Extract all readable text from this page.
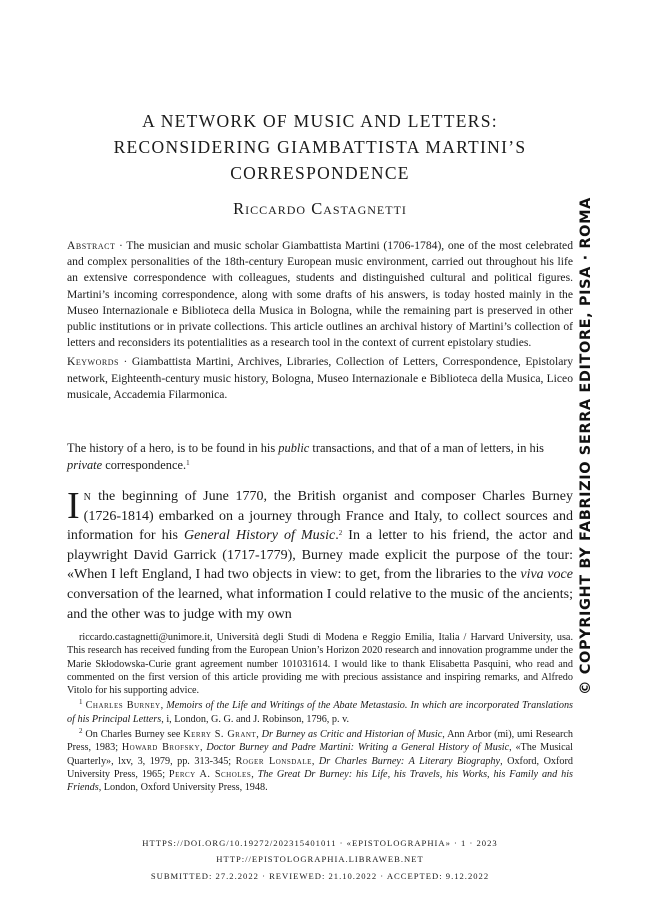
A NETWORK OF MUSIC AND LETTERS:
RECONSIDERING GIAMBATTISTA MARTINI’S
CORRESPONDENCE
Riccardo Castagnetti

Abstract · The musician and music scholar Giambattista Martini (1706-1784), one of the most celebrated and complex personalities of the 18th-century European music environment, carried out throughout his life an extensive correspondence with colleagues, students and distinguished cultural and political figures. Martini’s incoming correspondence, along with some drafts of his answers, is today hosted mainly in the Museo Internazionale e Biblioteca della Musica in Bologna, while the remaining part is preserved in other public institutions or in private collections. This article outlines an archival history of Martini’s collection of letters and reconsiders its potentialities as a research tool in the context of current epistolary studies.

Keywords · Giambattista Martini, Archives, Libraries, Collection of Letters, Correspondence, Epistolary network, Eighteenth-century music history, Bologna, Museo Internazionale e Biblioteca della Musica, Liceo musicale, Accademia Filarmonica.

The history of a hero, is to be found in his public transactions, and that of a man of letters, in his private correspondence.$^1$

In the beginning of June 1770, the British organist and composer Charles Burney (1726-1814) embarked on a journey through France and Italy, to collect sources and information for his General History of Music.$^2$ In a letter to his friend, the actor and playwright David Garrick (1717-1779), Burney made explicit the purpose of the tour: «When I left England, I had two objects in view: to get, from the libraries to the viva voce conversation of the learned, what information I could relative to the music of the ancients; and the other was to judge with my own

riccardo.castagnetti@unimore.it, Università degli Studi di Modena e Reggio Emilia, Italia / Harvard University, usa. This research has received funding from the European Union’s Horizon 2020 research and innovation programme under the Marie Skłodowska-Curie grant agreement number 101031614. I would like to thank Elisabetta Pasquini, who read and commented on the first version of this article providing me with precious assistance and inspiring remarks, and Alfredo Vitolo for his supporting advice.

$^1$ Charles Burney, Memoirs of the Life and Writings of the Abate Metastasio. In which are incorporated Translations of his Principal Letters, i, London, G. G. and J. Robinson, 1796, p. v.

$^2$ On Charles Burney see Kerry S. Grant, Dr Burney as Critic and Historian of Music, Ann Arbor (mi), umi Research Press, 1983; Howard Brofsky, Doctor Burney and Padre Martini: Writing a General History of Music, «The Musical Quarterly», lxv, 3, 1979, pp. 313-345; Roger Lonsdale, Dr Charles Burney: A Literary Biography, Oxford, Oxford University Press, 1965; Percy A. Scholes, The Great Dr Burney: his Life, his Travels, his Works, his Family and his Friends, London, Oxford University Press, 1948.

HTTPS://DOI.ORG/10.19272/202315401011 · «EPISTOLOGRAPHIA» · 1 · 2023
HTTP://EPISTOLOGRAPHIA.LIBRAWEB.NET
SUBMITTED: 27.2.2022 · REVIEWED: 21.10.2022 · ACCEPTED: 9.12.2022
© COPYRIGHT BY FABRIZIO SERRA EDITORE, PISA · ROMA
